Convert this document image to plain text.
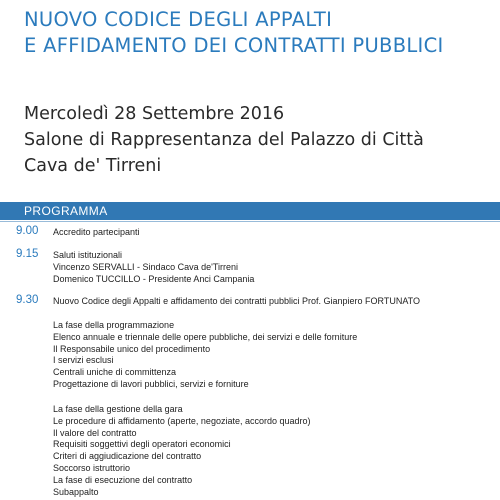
NUOVO CODICE DEGLI APPALTI
E AFFIDAMENTO DEI CONTRATTI PUBBLICI
Mercoledì 28 Settembre 2016
Salone di Rappresentanza del Palazzo di Città
Cava de' Tirreni
PROGRAMMA
9.00 Accredito partecipanti
9.15 Saluti istituzionali
Vincenzo SERVALLI - Sindaco Cava de'Tirreni
Domenico TUCCILLO - Presidente Anci Campania
9.30 Nuovo Codice degli Appalti e affidamento dei contratti pubblici Prof. Gianpiero FORTUNATO
La fase della programmazione
Elenco annuale e triennale delle opere pubbliche, dei servizi e delle forniture
Il Responsabile unico del procedimento
I servizi esclusi
Centrali uniche di committenza
Progettazione di lavori pubblici, servizi e forniture
La fase della gestione della gara
Le procedure di affidamento (aperte, negoziate, accordo quadro)
Il valore del contratto
Requisiti soggettivi degli operatori economici
Criteri di aggiudicazione del contratto
Soccorso istruttorio
La fase di esecuzione del contratto
Subappalto
